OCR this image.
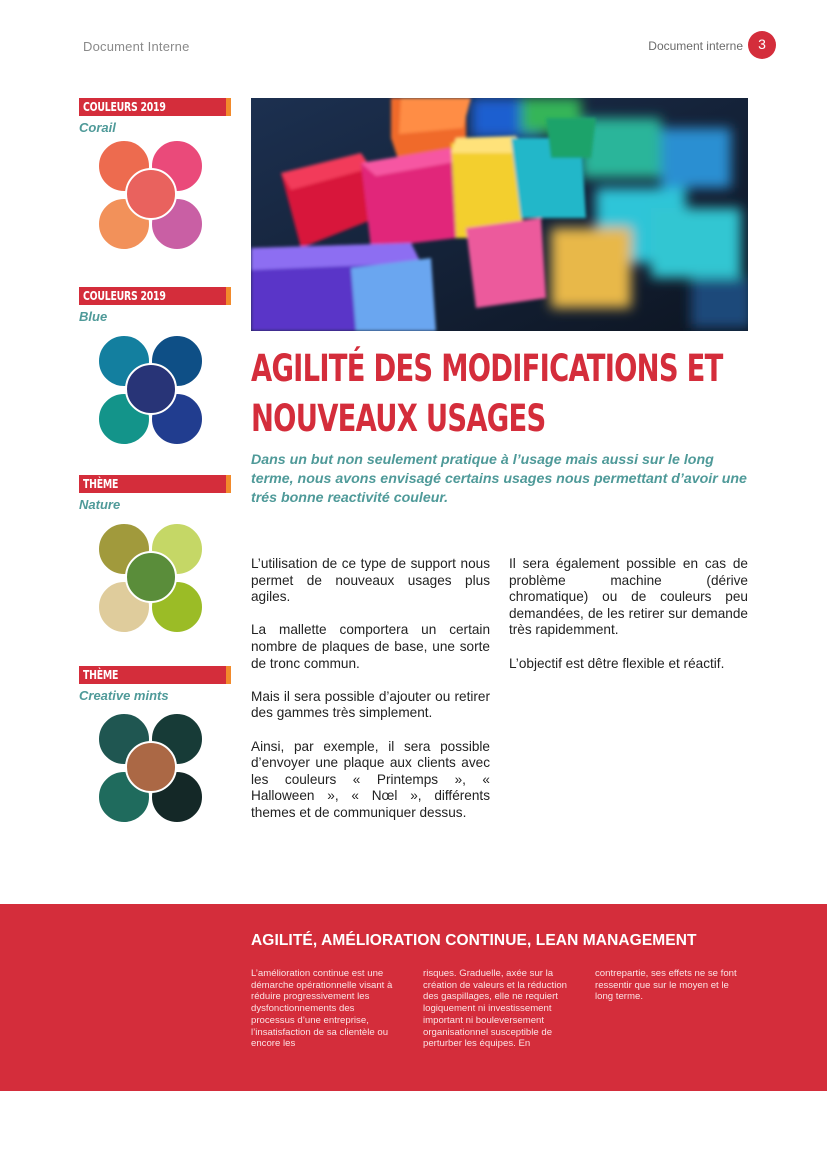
Document Interne	Document interne	3
COULEURS 2019
Corail
COULEURS 2019
Blue
THÈME
Nature
THÈME
Creative mints
AGILITÉ DES MODIFICATIONS ET
NOUVEAUX USAGES
Dans un but non seulement pratique à l’usage mais aussi sur le long terme, nous avons envisagé certains usages nous permettant d’avoir une trés bonne reactivité couleur.

L’utilisation de ce type de support nous permet de nouveaux usages plus agiles.

La mallette comportera un certain nombre de plaques de base, une sorte de tronc commun.

Mais il sera possible d’ajouter ou retirer des gammes très simplement.

Ainsi, par exemple, il sera possible d’envoyer une plaque aux clients avec les couleurs « Printemps », « Halloween », « Nœl », différents themes et de communiquer dessus.

Il sera également possible en cas de problème machine (dérive chromatique) ou de couleurs peu demandées, de les retirer sur demande très rapidemment.

L’objectif est dêtre flexible et réactif.

AGILITÉ, AMÉLIORATION CONTINUE, LEAN MANAGEMENT
L’amélioration continue est une démarche opérationnelle visant à réduire progressivement les dysfonctionnements des processus d’une entreprise, l’insatisfaction de sa clientèle ou encore les
risques. Graduelle, axée sur la création de valeurs et la réduction des gaspillages, elle ne requiert logiquement ni investissement important ni bouleversement organisationnel susceptible de perturber les équipes. En
contrepartie, ses effets ne se font ressentir que sur le moyen et le long terme.
